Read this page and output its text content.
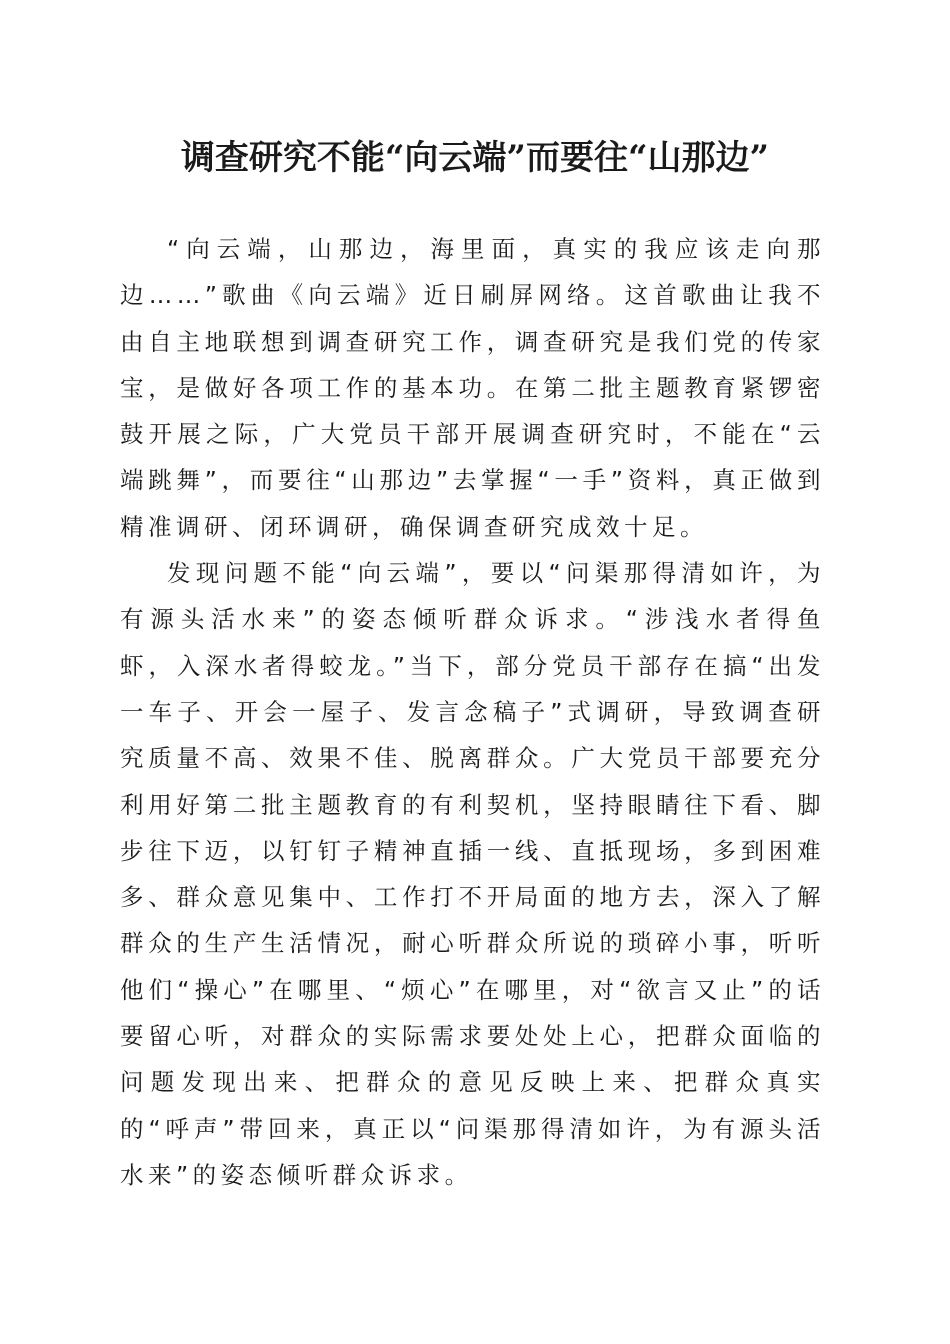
调查研究不能“向云端”而要往“山那边”

“向云端，山那边，海里面，真实的我应该走向那边……”歌曲《向云端》近日刷屏网络。这首歌曲让我不由自主地联想到调查研究工作，调查研究是我们党的传家宝，是做好各项工作的基本功。在第二批主题教育紧锣密鼓开展之际，广大党员干部开展调查研究时，不能在“云端跳舞”，而要往“山那边”去掌握“一手”资料，真正做到精准调研、闭环调研，确保调查研究成效十足。

发现问题不能“向云端”，要以“问渠那得清如许，为有源头活水来”的姿态倾听群众诉求。“涉浅水者得鱼虾，入深水者得蛟龙。”当下，部分党员干部存在搞“出发一车子、开会一屋子、发言念稿子”式调研，导致调查研究质量不高、效果不佳、脱离群众。广大党员干部要充分利用好第二批主题教育的有利契机，坚持眼睛往下看、脚步往下迈，以钉钉子精神直插一线、直抵现场，多到困难多、群众意见集中、工作打不开局面的地方去，深入了解群众的生产生活情况，耐心听群众所说的琐碎小事，听听他们“操心”在哪里、“烦心”在哪里，对“欲言又止”的话要留心听，对群众的实际需求要处处上心，把群众面临的问题发现出来、把群众的意见反映上来、把群众真实的“呼声”带回来，真正以“问渠那得清如许，为有源头活水来”的姿态倾听群众诉求。
